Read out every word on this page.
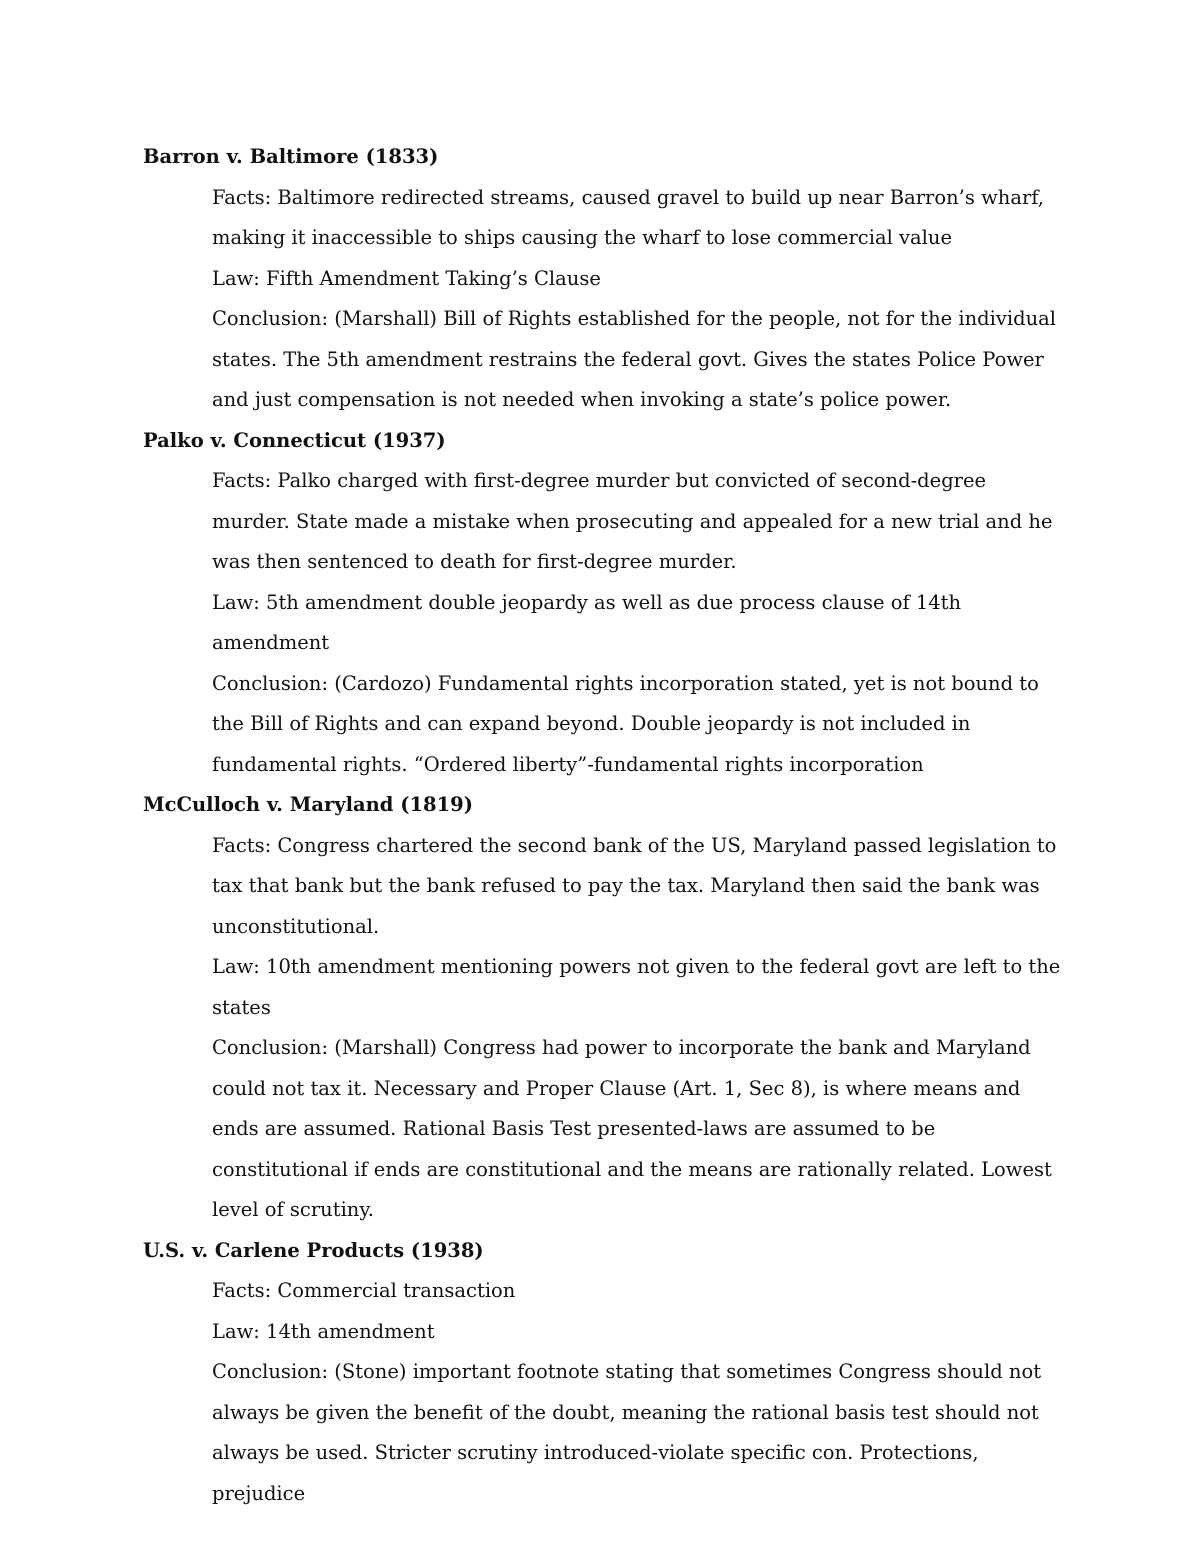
Barron v. Baltimore (1833)

Facts: Baltimore redirected streams, caused gravel to build up near Barron’s wharf, making it inaccessible to ships causing the wharf to lose commercial value

Law: Fifth Amendment Taking’s Clause

Conclusion: (Marshall) Bill of Rights established for the people, not for the individual states. The 5th amendment restrains the federal govt. Gives the states Police Power and just compensation is not needed when invoking a state’s police power.

Palko v. Connecticut (1937)

Facts: Palko charged with first-degree murder but convicted of second-degree murder. State made a mistake when prosecuting and appealed for a new trial and he was then sentenced to death for first-degree murder.

Law: 5th amendment double jeopardy as well as due process clause of 14th amendment

Conclusion: (Cardozo) Fundamental rights incorporation stated, yet is not bound to the Bill of Rights and can expand beyond. Double jeopardy is not included in fundamental rights. “Ordered liberty”-fundamental rights incorporation

McCulloch v. Maryland (1819)

Facts: Congress chartered the second bank of the US, Maryland passed legislation to tax that bank but the bank refused to pay the tax. Maryland then said the bank was unconstitutional.

Law: 10th amendment mentioning powers not given to the federal govt are left to the states

Conclusion: (Marshall) Congress had power to incorporate the bank and Maryland could not tax it. Necessary and Proper Clause (Art. 1, Sec 8), is where means and ends are assumed. Rational Basis Test presented-laws are assumed to be constitutional if ends are constitutional and the means are rationally related. Lowest level of scrutiny.

U.S. v. Carlene Products (1938)

Facts: Commercial transaction

Law: 14th amendment

Conclusion: (Stone) important footnote stating that sometimes Congress should not always be given the benefit of the doubt, meaning the rational basis test should not always be used. Stricter scrutiny introduced-violate specific con. Protections, prejudice
